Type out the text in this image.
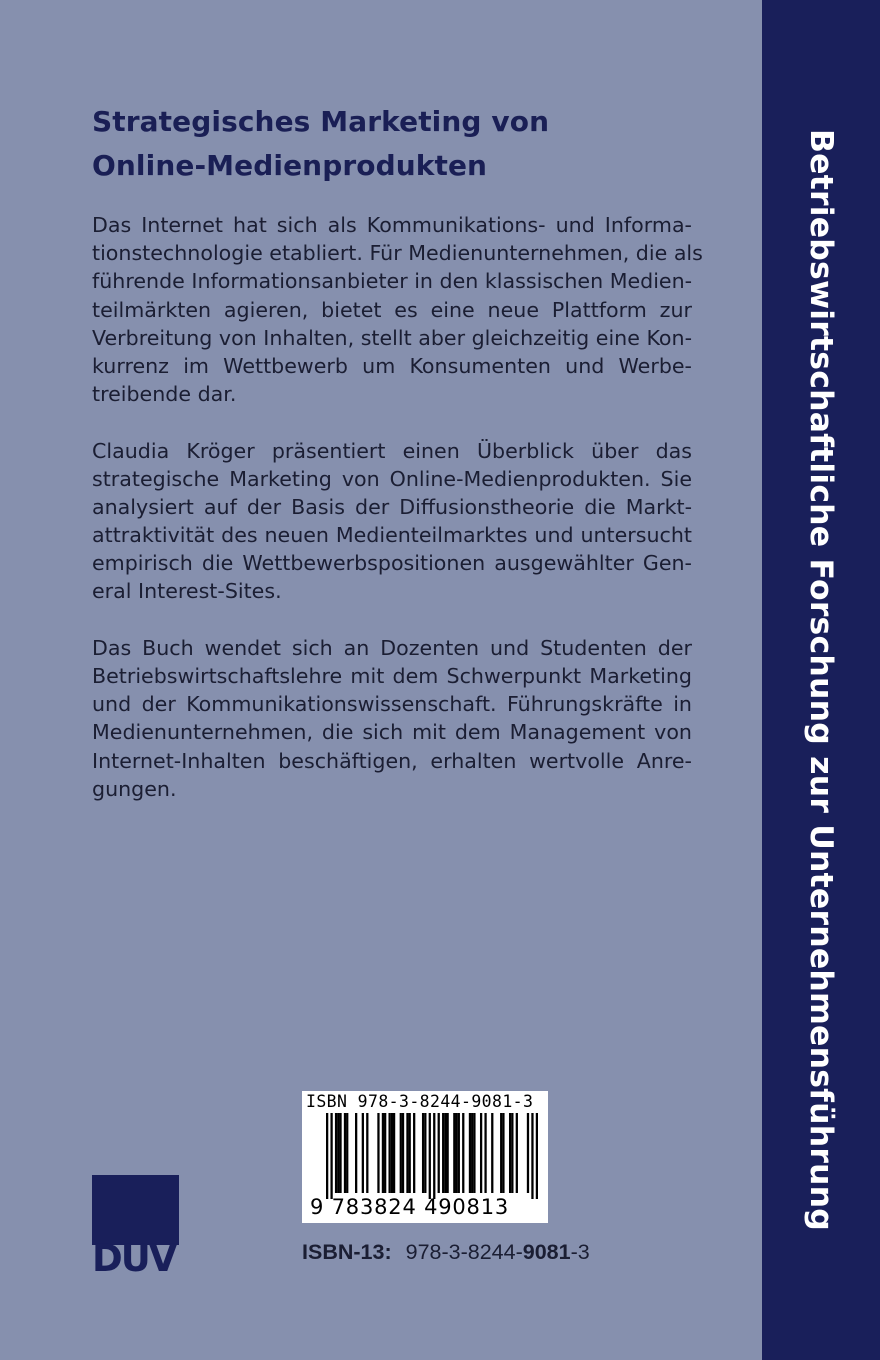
Betriebswirtschaftliche Forschung zur Unternehmensführung
Strategisches Marketing von
Online-Medienprodukten
Das Internet hat sich als Kommunikations- und Informa-
tionstechnologie etabliert. Für Medienunternehmen, die als
führende Informationsanbieter in den klassischen Medien-
teilmärkten agieren, bietet es eine neue Plattform zur
Verbreitung von Inhalten, stellt aber gleichzeitig eine Kon-
kurrenz im Wettbewerb um Konsumenten und Werbe-
treibende dar.
Claudia Kröger präsentiert einen Überblick über das
strategische Marketing von Online-Medienprodukten. Sie
analysiert auf der Basis der Diffusionstheorie die Markt-
attraktivität des neuen Medienteilmarktes und untersucht
empirisch die Wettbewerbspositionen ausgewählter Gen-
eral Interest-Sites.
Das Buch wendet sich an Dozenten und Studenten der
Betriebswirtschaftslehre mit dem Schwerpunkt Marketing
und der Kommunikationswissenschaft. Führungskräfte in
Medienunternehmen, die sich mit dem Management von
Internet-Inhalten beschäftigen, erhalten wertvolle Anre-
gungen.
ISBN 978-3-8244-9081-3
9 783824 490813
DUV	ISBN-13: 978-3-8244-9081-3
